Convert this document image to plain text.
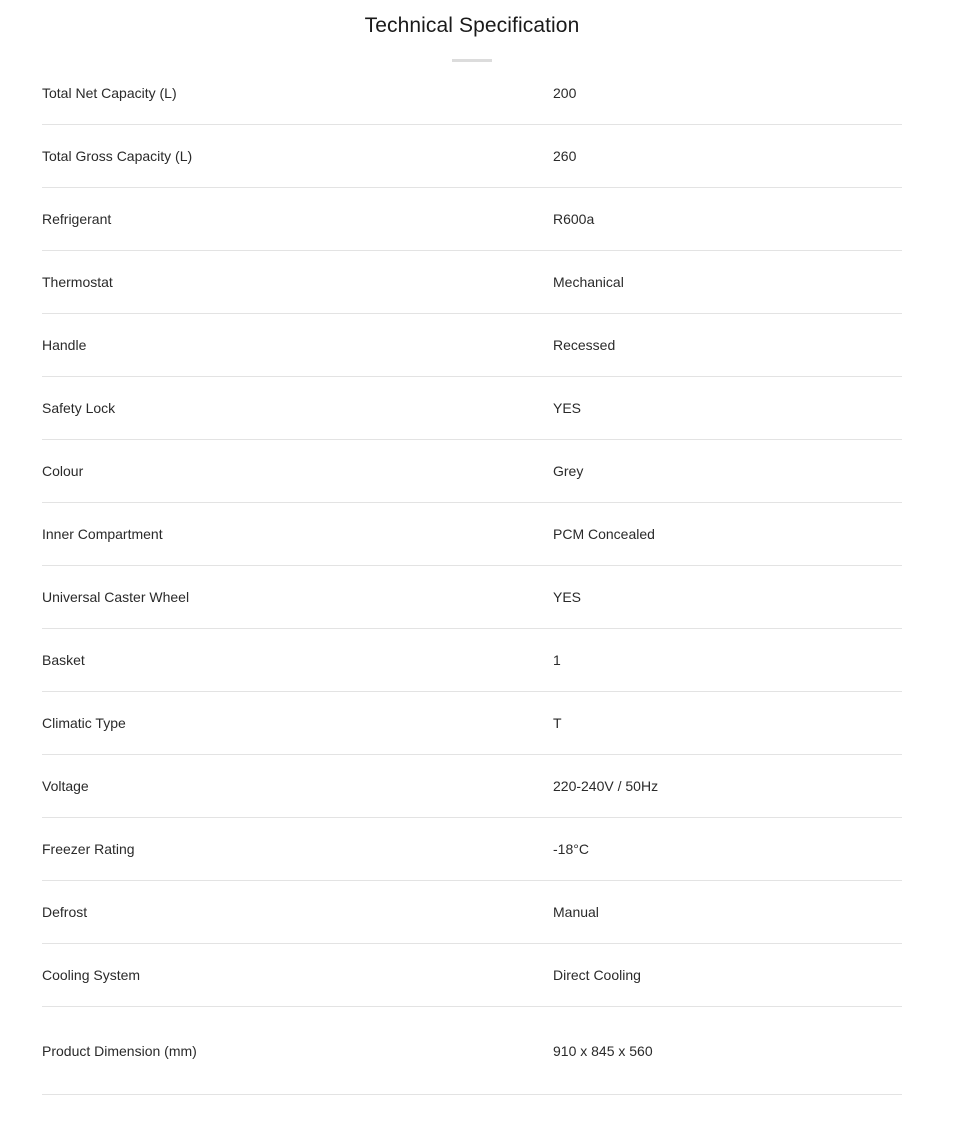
Technical Specification
Total Net Capacity (L)	200
Total Gross Capacity (L)	260
Refrigerant	R600a
Thermostat	Mechanical
Handle	Recessed
Safety Lock	YES
Colour	Grey
Inner Compartment	PCM Concealed
Universal Caster Wheel	YES
Basket	1
Climatic Type	T
Voltage	220-240V / 50Hz
Freezer Rating	-18°C
Defrost	Manual
Cooling System	Direct Cooling
Product Dimension (mm)	910 x 845 x 560
